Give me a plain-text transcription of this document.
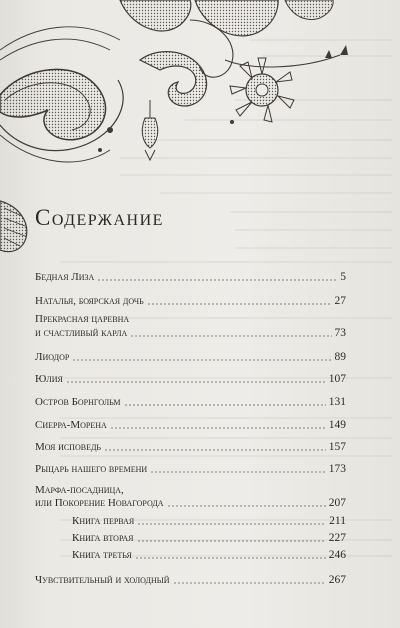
Содержание
Бедная Лиза	5
Наталья, боярская дочь	27
Прекрасная царевна
и счастливый карла	73
Лиодор	89
Юлия	107
Остров Борнгольм	131
Сиерра-Морена	149
Моя исповедь	157
Рыцарь нашего времени	173
Марфа-посадница,
или Покорение Новагорода	207
Книга первая	211
Книга вторая	227
Книга третья	246
Чувствительный и холодный	267
